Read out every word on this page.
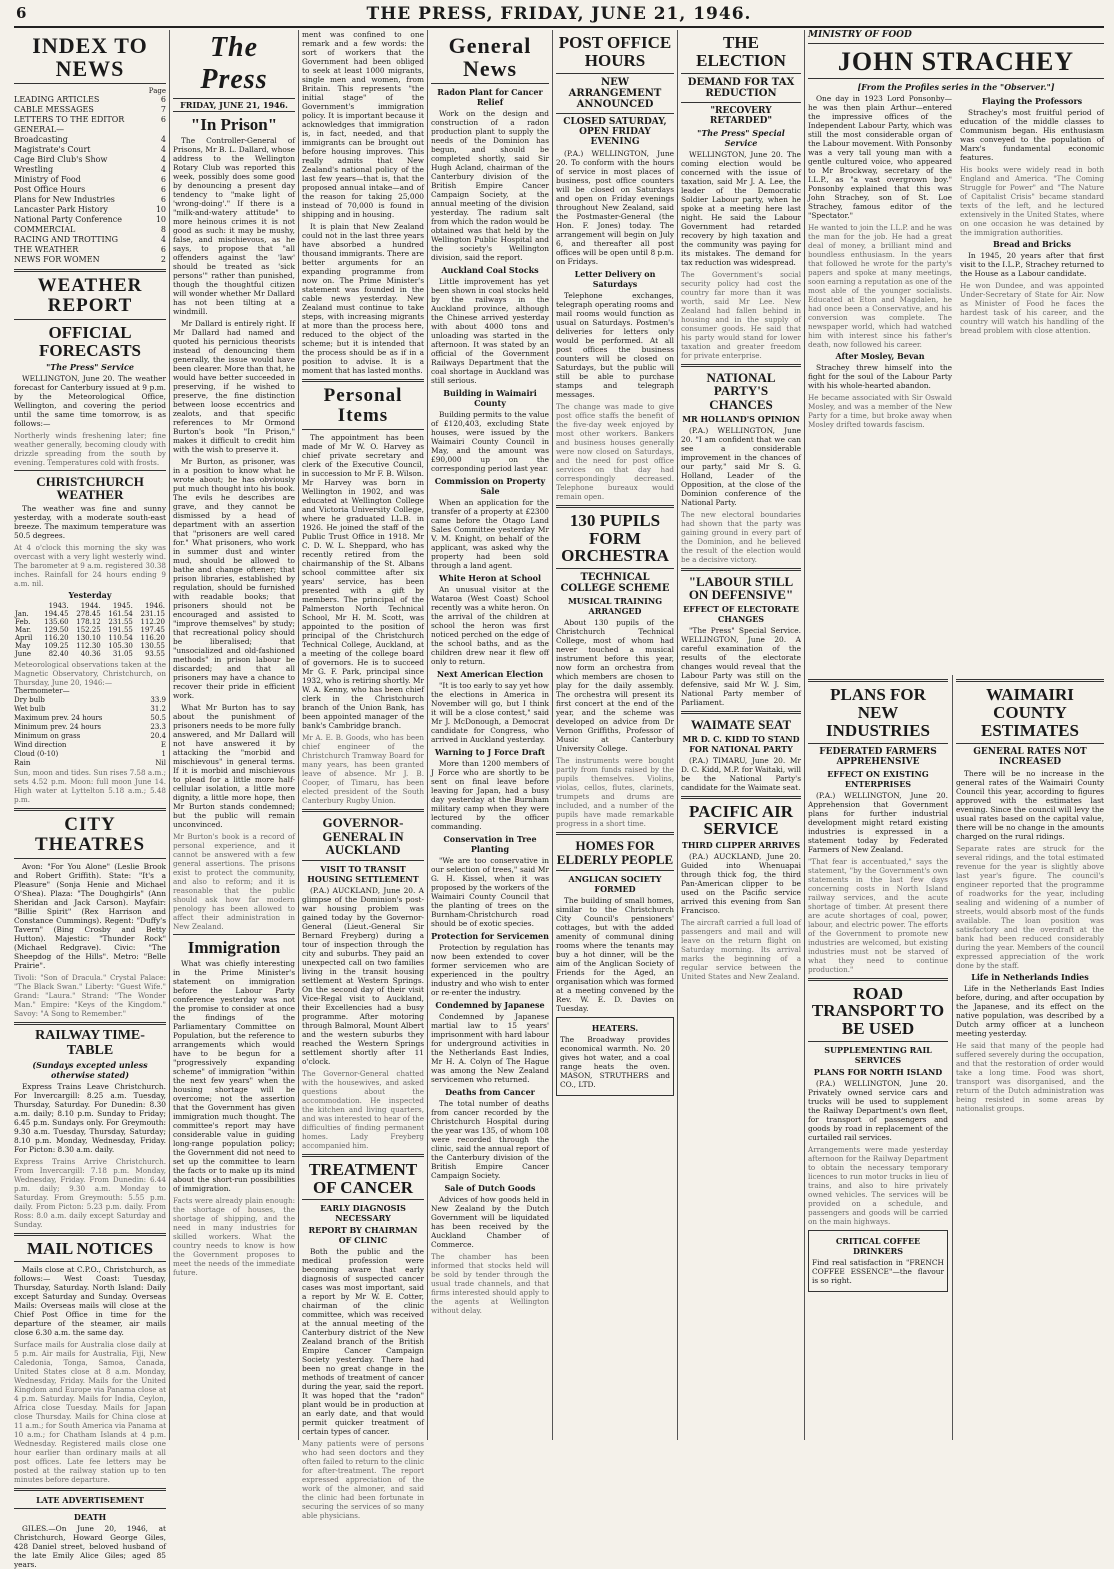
6	THE PRESS, FRIDAY, JUNE 21, 1946.
INDEX TO NEWS
Page
LEADING ARTICLES	6
CABLE MESSAGES	7
LETTERS TO THE EDITOR	6
GENERAL—
Broadcasting	4
Magistrate's Court	4
Cage Bird Club's Show	4
Wrestling	4
Ministry of Food	6
Post Office Hours	6
Plans for New Industries	6
Lancaster Park History	10
National Party Conference	10
COMMERCIAL	8
RACING AND TROTTING	4
THE WEATHER	6
NEWS FOR WOMEN	2
WEATHER REPORT
OFFICIAL FORECASTS
"The Press" Service

WELLINGTON, June 20. The weather forecast for Canterbury issued at 9 p.m. by the Meteorological Office, Wellington, and covering the period until the same time tomorrow, is as follows:—

Northerly winds freshening later; fine weather generally, becoming cloudy with drizzle spreading from the south by evening. Temperatures cold with frosts.
CHRISTCHURCH WEATHER

The weather was fine and sunny yesterday, with a moderate south-east breeze. The maximum temperature was 50.5 degrees.

At 4 o'clock this morning the sky was overcast with a very light westerly wind. The barometer at 9 a.m. registered 30.38 inches. Rainfall for 24 hours ending 9 a.m. nil.
Yesterday
	1943.	1944.	1945.	1946.
Jan.	194.45	278.45	161.54	231.15
Feb.	135.60	178.12	231.55	112.20
Mar.	129.50	152.25	191.55	197.45
April	116.20	130.10	110.54	116.20
May	109.25	112.30	105.30	130.55
June	82.40	40.36	31.05	93.55
Meteorological observations taken at the Magnetic Observatory, Christchurch, on Thursday, June 20, 1946:—
Thermometer—
Dry bulb	33.9
Wet bulb	31.2
Maximum prev. 24 hours	50.5
Minimum prev. 24 hours	23.3
Minimum on grass	20.4
Wind direction	E
Cloud (0-10)	1
Rain	Nil
Sun, moon and tides. Sun rises 7.58 a.m.; sets 4.52 p.m. Moon: full moon June 14. High water at Lyttelton 5.18 a.m.; 5.48 p.m.
CITY THEATRES

Avon: "For You Alone" (Leslie Brook and Robert Griffith). State: "It's a Pleasure" (Sonja Henie and Michael O'Shea). Plaza: "The Doughgirls" (Ann Sheridan and Jack Carson). Mayfair: "Billie Spirit" (Rex Harrison and Constance Cummings). Regent: "Duffy's Tavern" (Bing Crosby and Betty Hutton). Majestic: "Thunder Rock" (Michael Redgrave). Civic: "The Sheepdog of the Hills". Metro: "Belle Prairie".

Tivoli: "Son of Dracula." Crystal Palace: "The Black Swan." Liberty: "Guest Wife." Grand: "Laura." Strand: "The Wonder Man." Empire: "Keys of the Kingdom." Savoy: "A Song to Remember."
RAILWAY TIME-TABLE
(Sundays excepted unless otherwise stated)

Express Trains Leave Christchurch. For Invercargill: 8.25 a.m. Tuesday, Thursday, Saturday. For Dunedin: 8.30 a.m. daily; 8.10 p.m. Sunday to Friday; 6.45 p.m. Sundays only. For Greymouth: 9.30 a.m. Tuesday, Thursday, Saturday; 8.10 p.m. Monday, Wednesday, Friday. For Picton: 8.30 a.m. daily.

Express Trains Arrive Christchurch. From Invercargill: 7.18 p.m. Monday, Wednesday, Friday. From Dunedin: 6.44 p.m. daily; 9.30 a.m. Monday to Saturday. From Greymouth: 5.55 p.m. daily. From Picton: 5.23 p.m. daily. From Ross: 8.0 a.m. daily except Saturday and Sunday.
MAIL NOTICES

Mails close at C.P.O., Christchurch, as follows:— West Coast: Tuesday, Thursday, Saturday. North Island: Daily except Saturday and Sunday. Overseas Mails: Overseas mails will close at the Chief Post Office in time for the departure of the steamer, air mails close 6.30 a.m. the same day.

Surface mails for Australia close daily at 5 p.m. Air mails for Australia, Fiji, New Caledonia, Tonga, Samoa, Canada, United States close at 8 a.m. Monday, Wednesday, Friday. Mails for the United Kingdom and Europe via Panama close at 4 p.m. Saturday. Mails for India, Ceylon, Africa close Tuesday. Mails for Japan close Thursday. Mails for China close at 11 a.m.; for South America via Panama at 10 a.m.; for Chatham Islands at 4 p.m. Wednesday. Registered mails close one hour earlier than ordinary mails at all post offices. Late fee letters may be posted at the railway station up to ten minutes before departure.
LATE ADVERTISEMENT
DEATH

GILES.—On June 20, 1946, at Christchurch, Howard George Giles, 428 Daniel street, beloved husband of the late Emily Alice Giles; aged 85 years.

The Press
FRIDAY, JUNE 21, 1946.
"In Prison"

The Controller-General of Prisons, Mr B. L. Dallard, whose address to the Wellington Rotary Club was reported this week, possibly does some good by denouncing a present day tendency to "make light of 'wrong-doing'." If there is a "milk-and-watery attitude" to more heinous crimes it is not good as such: it may be mushy, false, and mischievous, as he says, to propose that "all offenders against the 'law' should be treated as 'sick persons'" rather than punished, though the thoughtful citizen will wonder whether Mr Dallard has not been tilting at a windmill.

Mr Dallard is entirely right. If Mr Dallard had named and quoted his pernicious theorists instead of denouncing them generally, the issue would have been clearer. More than that, he would have better succeeded in preserving, if he wished to preserve, the fine distinction between loose eccentrics and zealots, and that specific references to Mr Ormond Burton's book "In Prison," makes it difficult to credit him with the wish to preserve it.

Mr Burton, as prisoner, was in a position to know what he wrote about; he has obviously put much thought into his book. The evils he describes are grave, and they cannot be dismissed by a head of department with an assertion that "prisoners are well cared for." What prisoners, who work in summer dust and winter mud, should be allowed to bathe and change oftener; that prison libraries, established by regulation, should be furnished with readable books; that prisoners should not be encouraged and assisted to "improve themselves" by study; that recreational policy should be liberalised; that "unsocialized and old-fashioned methods" in prison labour be discarded; and that all prisoners may have a chance to recover their pride in efficient work.

What Mr Burton has to say about the punishment of prisoners needs to be more fully answered, and Mr Dallard will not have answered it by attacking the "morbid and mischievous" in general terms. If it is morbid and mischievous to plead for a little more half-cellular isolation, a little more dignity, a little more hope, then Mr Burton stands condemned; but the public will remain unconvinced.

Mr Burton's book is a record of personal experience, and it cannot be answered with a few general assertions. The prisons exist to protect the community, and also to reform; and it is reasonable that the public should ask how far modern penology has been allowed to affect their administration in New Zealand.
Immigration

What was chiefly interesting in the Prime Minister's statement on immigration before the Labour Party conference yesterday was not the promise to consider at once the findings of the Parliamentary Committee on Population, but the reference to arrangements which would have to be begun for a "progressively expanding scheme" of immigration "within the next few years" when the housing shortage will be overcome; not the assertion that the Government has given immigration much thought. The committee's report may have considerable value in guiding long-range population policy; the Government did not need to set up the committee to learn the facts or to make up its mind about the short-run possibilities of immigration.

Facts were already plain enough: the shortage of houses, the shortage of shipping, and the need in many industries for skilled workers. What the country needs to know is how the Government proposes to meet the needs of the immediate future.

ment was confined to one remark and a few words: the sort of workers that the Government had been obliged to seek at least 1000 migrants, single men and women, from Britain. This represents "the initial stage" of the Government's immigration policy. It is important because it acknowledges that immigration is, in fact, needed, and that immigrants can be brought out before housing improves. This really admits that New Zealand's national policy of the last few years—that is, that the proposed annual intake—and of the reason for taking 25,000 instead of 70,000 is found in shipping and in housing.

It is plain that New Zealand could not in the last three years have absorbed a hundred thousand immigrants. There are better arguments for an expanding programme from now on. The Prime Minister's statement was founded in the cable news yesterday. New Zealand must continue to take steps, with increasing migrants at more than the process here, reduced to the object of the scheme; but it is intended that the process should be as if in a position to advise. It is a moment that has lasted months.

Personal Items

The appointment has been made of Mr W. O. Harvey as chief private secretary and clerk of the Executive Council, in succession to Mr F. B. Wilson. Mr Harvey was born in Wellington in 1902, and was educated at Wellington College and Victoria University College, where he graduated LL.B. in 1926. He joined the staff of the Public Trust Office in 1918. Mr C. D. W. L. Sheppard, who has recently retired from the chairmanship of the St. Albans school committee after six years' service, has been presented with a gift by members. The principal of the Palmerston North Technical School, Mr H. M. Scott, was appointed to the position of principal of the Christchurch Technical College, Auckland, at a meeting of the college board of governors. He is to succeed Mr G. F. Park, principal since 1932, who is retiring shortly. Mr W. A. Kenny, who has been chief clerk in the Christchurch branch of the Union Bank, has been appointed manager of the bank's Cambridge branch.

Mr A. E. B. Goods, who has been chief engineer of the Christchurch Tramway Board for many years, has been granted leave of absence. Mr J. B. Cooper, of Timaru, has been elected president of the South Canterbury Rugby Union.
GOVERNOR-GENERAL IN AUCKLAND
VISIT TO TRANSIT HOUSING SETTLEMENT

(P.A.) AUCKLAND, June 20. A glimpse of the Dominion's post-war housing problem was gained today by the Governor-General (Lieut.-General Sir Bernard Freyberg) during a tour of inspection through the city and suburbs. They paid an unexpected call on two families living in the transit housing settlement at Western Springs. On the second day of their visit Vice-Regal visit to Auckland, their Excellencies had a busy programme. After motoring through Balmoral, Mount Albert and the western suburbs they reached the Western Springs settlement shortly after 11 o'clock.

The Governor-General chatted with the housewives, and asked questions about the accommodation. He inspected the kitchen and living quarters, and was interested to hear of the difficulties of finding permanent homes. Lady Freyberg accompanied him.
TREATMENT OF CANCER
EARLY DIAGNOSIS NECESSARY
REPORT BY CHAIRMAN OF CLINIC

Both the public and the medical profession were becoming aware that early diagnosis of suspected cancer cases was most important, said a report by Mr W. E. Cotter, chairman of the clinic committee, which was received at the annual meeting of the Canterbury district of the New Zealand branch of the British Empire Cancer Campaign Society yesterday. There had been no great change in the methods of treatment of cancer during the year, said the report. It was hoped that the "radon" plant would be in production at an early date, and that would permit quicker treatment of certain types of cancer.

Many patients were of persons who had seen doctors and they often failed to return to the clinic for after-treatment. The report expressed appreciation of the work of the almoner, and said the clinic had been fortunate in securing the services of so many able physicians.
General News
Radon Plant for Cancer Relief

Work on the design and construction of a radon production plant to supply the needs of the Dominion has begun, and should be completed shortly, said Sir Hugh Acland, chairman of the Canterbury division of the British Empire Cancer Campaign Society, at the annual meeting of the division yesterday. The radium salt from which the radon would be obtained was that held by the Wellington Public Hospital and the society's Wellington division, said the report.

Auckland Coal Stocks

Little improvement has yet been shown in coal stocks held by the railways in the Auckland province, although the Chinese arrived yesterday with about 4000 tons and unloading was started in the afternoon. It was stated by an official of the Government Railways Department that the coal shortage in Auckland was still serious.

Building in Waimairi County

Building permits to the value of £120,403, excluding State houses, were issued by the Waimairi County Council in May, and the amount was £90,000 up on the corresponding period last year.

Commission on Property Sale

When an application for the transfer of a property at £2300 came before the Otago Land Sales Committee yesterday Mr V. M. Knight, on behalf of the applicant, was asked why the property had been sold through a land agent.

White Heron at School

An unusual visitor at the Wataroa (West Coast) School recently was a white heron. On the arrival of the children at school the heron was first noticed perched on the edge of the school baths, and as the children drew near it flew off only to return.

Next American Election

"It is too early to say yet how the elections in America in November will go, but I think it will be a close contest," said Mr J. McDonough, a Democrat candidate for Congress, who arrived in Auckland yesterday.

Warning to J Force Draft

More than 1200 members of J Force who are shortly to be sent on final leave before leaving for Japan, had a busy day yesterday at the Burnham military camp when they were lectured by the officer commanding.

Conservation in Tree Planting

"We are too conservative in our selection of trees," said Mr G. H. Kissel, when it was proposed by the workers of the Waimairi County Council that the planting of trees on the Burnham-Christchurch road should be of exotic species.

Protection for Servicemen

Protection by regulation has now been extended to cover former servicemen who are experienced in the poultry industry and who wish to enter or re-enter the industry.

Condemned by Japanese

Condemned by Japanese martial law to 15 years' imprisonment with hard labour for underground activities in the Netherlands East Indies, Mr H. A. Colyn of The Hague was among the New Zealand servicemen who returned.

Deaths from Cancer

The total number of deaths from cancer recorded by the Christchurch Hospital during the year was 135, of whom 108 were recorded through the clinic, said the annual report of the Canterbury division of the British Empire Cancer Campaign Society.

Sale of Dutch Goods

Advices of how goods held in New Zealand by the Dutch Government will be liquidated has been received by the Auckland Chamber of Commerce.

The chamber has been informed that stocks held will be sold by tender through the usual trade channels, and that firms interested should apply to the agents at Wellington without delay.
POST OFFICE HOURS
NEW ARRANGEMENT ANNOUNCED
CLOSED SATURDAY, OPEN FRIDAY EVENING

(P.A.) WELLINGTON, June 20. To conform with the hours of service in most places of business, post office counters will be closed on Saturdays and open on Friday evenings throughout New Zealand, said the Postmaster-General (the Hon. F. Jones) today. The arrangement will begin on July 6, and thereafter all post offices will be open until 8 p.m. on Fridays.

Letter Delivery on Saturdays

Telephone exchanges, telegraph operating rooms and mail rooms would function as usual on Saturdays. Postmen's deliveries for letters only would be performed. At all post offices the business counters will be closed on Saturdays, but the public will still be able to purchase stamps and telegraph messages.

The change was made to give post office staffs the benefit of the five-day week enjoyed by most other workers. Bankers and business houses generally were now closed on Saturdays, and the need for post office services on that day had correspondingly decreased. Telephone bureaux would remain open.
130 PUPILS FORM ORCHESTRA
TECHNICAL COLLEGE SCHEME
MUSICAL TRAINING ARRANGED

About 130 pupils of the Christchurch Technical College, most of whom had never touched a musical instrument before this year, now form an orchestra from which members are chosen to play for the daily assembly. The orchestra will present its first concert at the end of the year, and the scheme was developed on advice from Dr Vernon Griffiths, Professor of Music at Canterbury University College.

The instruments were bought partly from funds raised by the pupils themselves. Violins, violas, cellos, flutes, clarinets, trumpets and drums are included, and a number of the pupils have made remarkable progress in a short time.
HOMES FOR ELDERLY PEOPLE
ANGLICAN SOCIETY FORMED

The building of small homes, similar to the Christchurch City Council's pensioners' cottages, but with the added amenity of communal dining rooms where the tenants may buy a hot dinner, will be the aim of the Anglican Society of Friends for the Aged, an organisation which was formed at a meeting convened by the Rev. W. E. D. Davies on Tuesday.

HEATERS.

The Broadway provides economical warmth. No. 20 gives hot water, and a coal range heats the oven. MASON, STRUTHERS and CO., LTD.

THE ELECTION
DEMAND FOR TAX REDUCTION
"RECOVERY RETARDED"
"The Press" Special Service

WELLINGTON, June 20. The coming election would be concerned with the issue of taxation, said Mr J. A. Lee, the leader of the Democratic Soldier Labour party, when he spoke at a meeting here last night. He said the Labour Government had retarded recovery by high taxation and the community was paying for its mistakes. The demand for tax reduction was widespread.

The Government's social security policy had cost the country far more than it was worth, said Mr Lee. New Zealand had fallen behind in housing and in the supply of consumer goods. He said that his party would stand for lower taxation and greater freedom for private enterprise.
NATIONAL PARTY'S CHANCES
MR HOLLAND'S OPINION

(P.A.) WELLINGTON, June 20. "I am confident that we can see a considerable improvement in the chances of our party," said Mr S. G. Holland, Leader of the Opposition, at the close of the Dominion conference of the National Party.

The new electoral boundaries had shown that the party was gaining ground in every part of the Dominion, and he believed the result of the election would be a decisive victory.
"LABOUR STILL ON DEFENSIVE"
EFFECT OF ELECTORATE CHANGES

"The Press" Special Service. WELLINGTON, June 20. A careful examination of the results of the electorate changes would reveal that the Labour Party was still on the defensive, said Mr W. J. Sim, National Party member of Parliament.

WAIMATE SEAT
MR D. C. KIDD TO STAND FOR NATIONAL PARTY

(P.A.) TIMARU, June 20. Mr D. C. Kidd, M.P. for Waitaki, will be the National Party's candidate for the Waimate seat.

PACIFIC AIR SERVICE
THIRD CLIPPER ARRIVES

(P.A.) AUCKLAND, June 20. Guided into Whenuapai through thick fog, the third Pan-American clipper to be used on the Pacific service arrived this evening from San Francisco.

The aircraft carried a full load of passengers and mail and will leave on the return flight on Saturday morning. Its arrival marks the beginning of a regular service between the United States and New Zealand.
MINISTRY OF FOOD
JOHN STRACHEY
[From the Profiles series in the "Observer."]

One day in 1923 Lord Ponsonby—he was then plain Arthur—entered the impressive offices of the Independent Labour Party, which was still the most considerable organ of the Labour movement. With Ponsonby was a very tall young man with a gentle cultured voice, who appeared to Mr Brockway, secretary of the I.L.P., as "a vast overgrown boy." Ponsonby explained that this was John Strachey, son of St. Loe Strachey, famous editor of the "Spectator."

He wanted to join the I.L.P. and he was the man for the job. He had a great deal of money, a brilliant mind and boundless enthusiasm. In the years that followed he wrote for the party's papers and spoke at many meetings, soon earning a reputation as one of the most able of the younger socialists. Educated at Eton and Magdalen, he had once been a Conservative, and his conversion was complete. The newspaper world, which had watched him with interest since his father's death, now followed his career.
After Mosley, Bevan

Strachey threw himself into the fight for the soul of the Labour Party with his whole-hearted abandon.

He became associated with Sir Oswald Mosley, and was a member of the New Party for a time, but broke away when Mosley drifted towards fascism.
Flaying the Professors

Strachey's most fruitful period of education of the middle classes to Communism began. His enthusiasm was conveyed to the population of Marx's fundamental economic features.

His books were widely read in both England and America. "The Coming Struggle for Power" and "The Nature of Capitalist Crisis" became standard texts of the left, and he lectured extensively in the United States, where on one occasion he was detained by the immigration authorities.
Bread and Bricks

In 1945, 20 years after that first visit to the I.L.P., Strachey returned to the House as a Labour candidate.

He won Dundee, and was appointed Under-Secretary of State for Air. Now as Minister of Food he faces the hardest task of his career, and the country will watch his handling of the bread problem with close attention.
PLANS FOR NEW INDUSTRIES
FEDERATED FARMERS APPREHENSIVE
EFFECT ON EXISTING ENTERPRISES

(P.A.) WELLINGTON, June 20. Apprehension that Government plans for further industrial development might retard existing industries is expressed in a statement today by Federated Farmers of New Zealand.

"That fear is accentuated," says the statement, "by the Government's own statements in the last few days concerning costs in North Island railway services, and the acute shortage of timber. At present there are acute shortages of coal, power, labour, and electric power. The efforts of the Government to promote new industries are welcomed, but existing industries must not be starved of what they need to continue production."
ROAD TRANSPORT TO BE USED
SUPPLEMENTING RAIL SERVICES
PLANS FOR NORTH ISLAND

(P.A.) WELLINGTON, June 20. Privately owned service cars and trucks will be used to supplement the Railway Department's own fleet, for transport of passengers and goods by road in replacement of the curtailed rail services.

Arrangements were made yesterday afternoon for the Railway Department to obtain the necessary temporary licences to run motor trucks in lieu of trains, and also to hire privately owned vehicles. The services will be provided on a schedule, and passengers and goods will be carried on the main highways.
CRITICAL COFFEE DRINKERS

Find real satisfaction in "FRENCH COFFEE ESSENCE"—the flavour is so right.

WAIMAIRI COUNTY ESTIMATES
GENERAL RATES NOT INCREASED

There will be no increase in the general rates of the Waimairi County Council this year, according to figures approved with the estimates last evening. Since the council will levy the usual rates based on the capital value, there will be no change in the amounts charged on the rural ridings.

Separate rates are struck for the several ridings, and the total estimated revenue for the year is slightly above last year's figure. The council's engineer reported that the programme of roadworks for the year, including sealing and widening of a number of streets, would absorb most of the funds available. The loan position was satisfactory and the overdraft at the bank had been reduced considerably during the year. Members of the council expressed appreciation of the work done by the staff.
Life in Netherlands Indies

Life in the Netherlands East Indies before, during, and after occupation by the Japanese, and its effect on the native population, was described by a Dutch army officer at a luncheon meeting yesterday.

He said that many of the people had suffered severely during the occupation, and that the restoration of order would take a long time. Food was short, transport was disorganised, and the return of the Dutch administration was being resisted in some areas by nationalist groups.
